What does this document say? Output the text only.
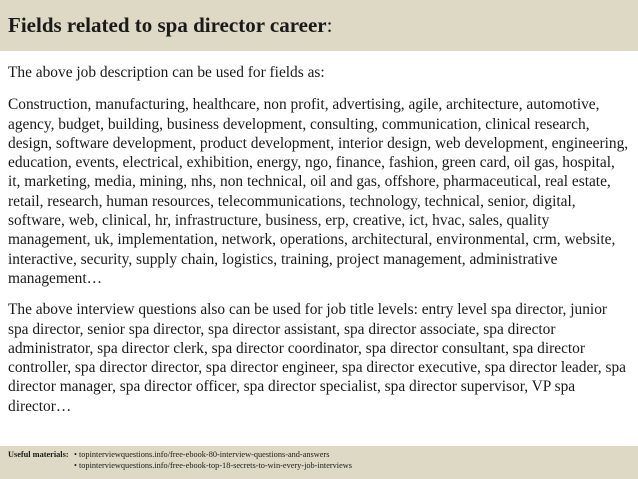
Fields related to spa director career:

The above job description can be used for fields as:

Construction, manufacturing, healthcare, non profit, advertising, agile, architecture, automotive, agency, budget, building, business development, consulting, communication, clinical research, design, software development, product development, interior design, web development, engineering, education, events, electrical, exhibition, energy, ngo, finance, fashion, green card, oil gas, hospital, it, marketing, media, mining, nhs, non technical, oil and gas, offshore, pharmaceutical, real estate, retail, research, human resources, telecommunications, technology, technical, senior, digital, software, web, clinical, hr, infrastructure, business, erp, creative, ict, hvac, sales, quality management, uk, implementation, network, operations, architectural, environmental, crm, website, interactive, security, supply chain, logistics, training, project management, administrative management…

The above interview questions also can be used for job title levels: entry level spa director, junior spa director, senior spa director, spa director assistant, spa director associate, spa director administrator, spa director clerk, spa director coordinator, spa director consultant, spa director controller, spa director director, spa director engineer, spa director executive, spa director leader, spa director manager, spa director officer, spa director specialist, spa director supervisor, VP spa director…

Useful materials: • topinterviewquestions.info/free-ebook-80-interview-questions-and-answers
• topinterviewquestions.info/free-ebook-top-18-secrets-to-win-every-job-interviews
